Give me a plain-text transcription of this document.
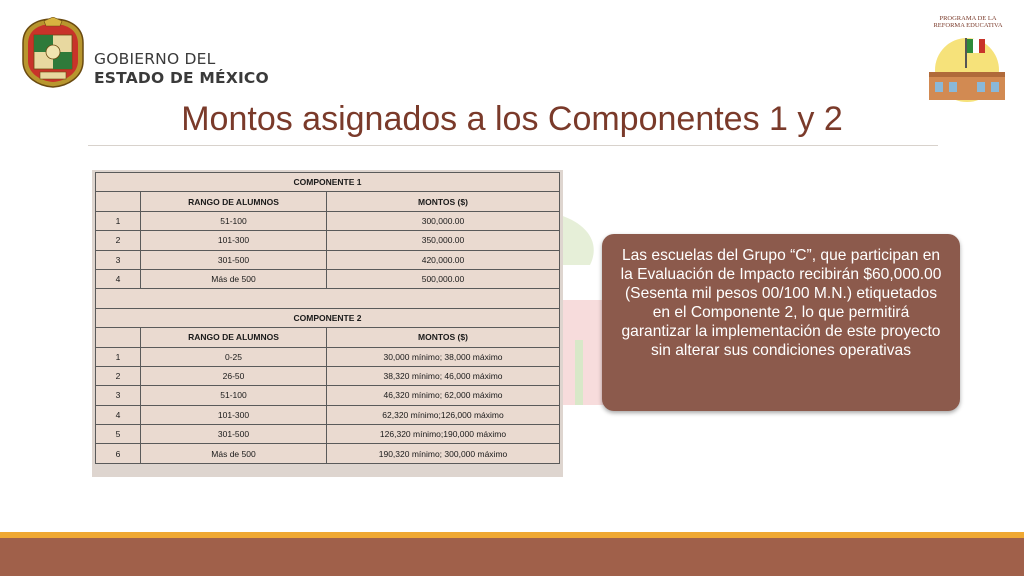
GOBIERNO DEL
ESTADO DE MÉXICO
PROGRAMA DE LA
REFORMA EDUCATIVA
Montos asignados a los Componentes 1 y 2
COMPONENTE 1		
	RANGO DE ALUMNOS	MONTOS ($)
1	51-100	300,000.00
2	101-300	350,000.00
3	301-500	420,000.00
4	Más de 500	500,000.00

COMPONENTE 2		
	RANGO DE ALUMNOS	MONTOS ($)
1	0-25	30,000 mínimo; 38,000 máximo
2	26-50	38,320 mínimo; 46,000 máximo
3	51-100	46,320 mínimo; 62,000 máximo
4	101-300	62,320 mínimo;126,000 máximo
5	301-500	126,320 mínimo;190,000 máximo
6	Más de 500	190,320 mínimo; 300,000 máximo
Las escuelas del Grupo “C”, que participan en la Evaluación de Impacto recibirán $60,000.00 (Sesenta mil pesos 00/100 M.N.) etiquetados en el Componente 2, lo que permitirá garantizar la implementación de este proyecto sin alterar sus condiciones operativas
